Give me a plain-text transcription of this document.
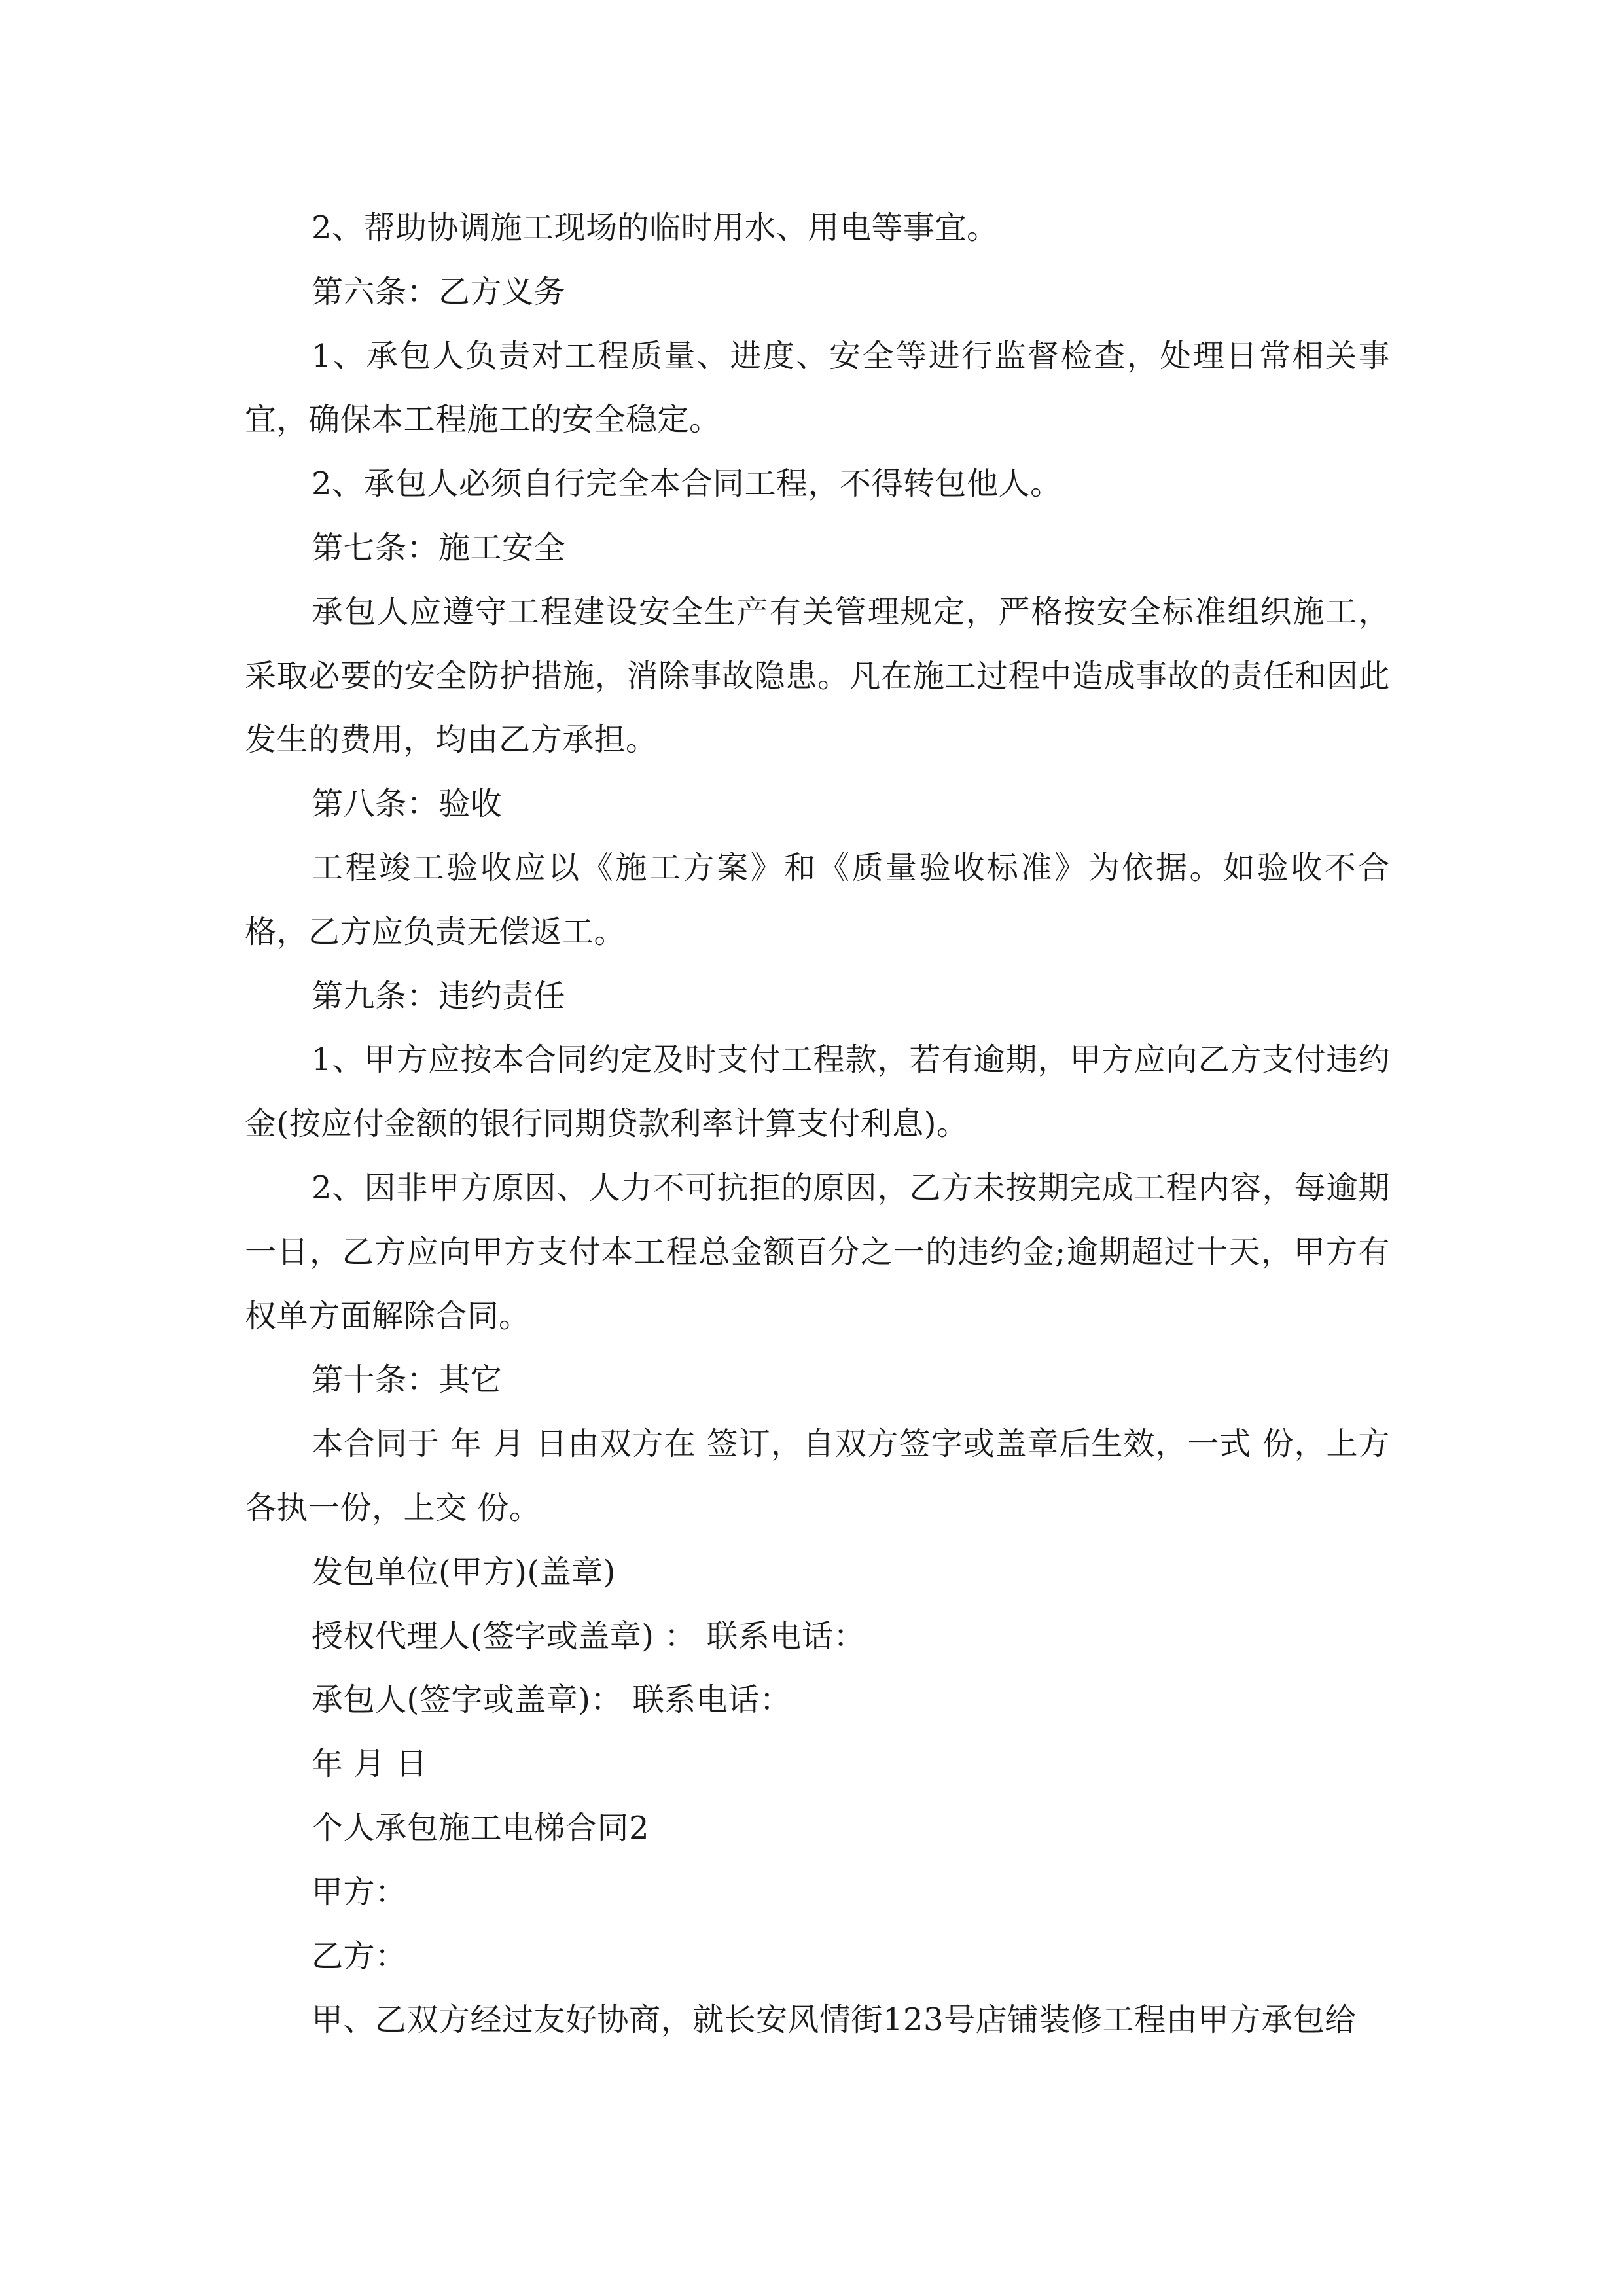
2、帮助协调施工现场的临时用水、用电等事宜。

第六条：乙方义务

1、承包人负责对工程质量、进度、安全等进行监督检查，处理日常相关事宜，确保本工程施工的安全稳定。

2、承包人必须自行完全本合同工程，不得转包他人。

第七条：施工安全

承包人应遵守工程建设安全生产有关管理规定，严格按安全标准组织施工，采取必要的安全防护措施，消除事故隐患。凡在施工过程中造成事故的责任和因此发生的费用，均由乙方承担。

第八条：验收

工程竣工验收应以《施工方案》和《质量验收标准》为依据。如验收不合格，乙方应负责无偿返工。

第九条：违约责任

1、甲方应按本合同约定及时支付工程款，若有逾期，甲方应向乙方支付违约金(按应付金额的银行同期贷款利率计算支付利息)。

2、因非甲方原因、人力不可抗拒的原因，乙方未按期完成工程内容，每逾期一日，乙方应向甲方支付本工程总金额百分之一的违约金;逾期超过十天，甲方有权单方面解除合同。

第十条：其它

本合同于 年 月 日由双方在 签订，自双方签字或盖章后生效，一式 份，上方各执一份，上交 份。

发包单位(甲方)(盖章)

授权代理人(签字或盖章) ： 联系电话：

承包人(签字或盖章)： 联系电话：

年 月 日

个人承包施工电梯合同2

甲方：

乙方：

甲、乙双方经过友好协商，就长安风情街123号店铺装修工程由甲方承包给
